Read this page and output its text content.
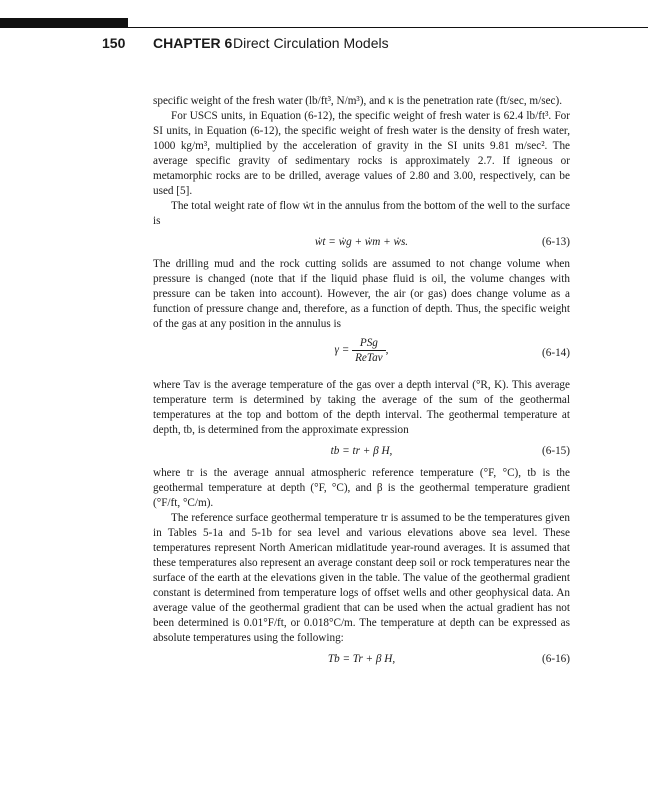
150 CHAPTER 6 Direct Circulation Models

specific weight of the fresh water (lb/ft³, N/m³), and κ is the penetration rate (ft/sec, m/sec).

For USCS units, in Equation (6-12), the specific weight of fresh water is 62.4 lb/ft³. For SI units, in Equation (6-12), the specific weight of fresh water is the density of fresh water, 1000 kg/m³, multiplied by the acceleration of gravity in the SI units 9.81 m/sec². The average specific gravity of sedimentary rocks is approximately 2.7. If igneous or metamorphic rocks are to be drilled, average values of 2.80 and 3.00, respectively, can be used [5].

The total weight rate of flow ẇt in the annulus from the bottom of the well to the surface is

ẇt = ẇg + ẇm + ẇs.	(6-13)

The drilling mud and the rock cutting solids are assumed to not change volume when pressure is changed (note that if the liquid phase fluid is oil, the volume changes with pressure can be taken into account). However, the air (or gas) does change volume as a function of pressure change and, therefore, as a function of depth. Thus, the specific weight of the gas at any position in the annulus is

$\gamma = \frac{\text{PSg}}{\text{ReTav}}$ ,	(6-14)

where Tav is the average temperature of the gas over a depth interval (°R, K). This average temperature term is determined by taking the average of the sum of the geothermal temperatures at the top and bottom of the depth interval. The geothermal temperature at depth, tb, is determined from the approximate expression

tb = tr + β H,	(6-15)

where tr is the average annual atmospheric reference temperature (°F, °C), tb is the geothermal temperature at depth (°F, °C), and β is the geothermal temperature gradient (°F/ft, °C/m).

The reference surface geothermal temperature tr is assumed to be the temperatures given in Tables 5-1a and 5-1b for sea level and various elevations above sea level. These temperatures represent North American midlatitude year-round averages. It is assumed that these temperatures also represent an average constant deep soil or rock temperatures near the surface of the earth at the elevations given in the table. The value of the geothermal gradient constant is determined from temperature logs of offset wells and other geophysical data. An average value of the geothermal gradient that can be used when the actual gradient has not been determined is 0.01°F/ft, or 0.018°C/m. The temperature at depth can be expressed as absolute temperatures using the following:

Tb = Tr + β H,	(6-16)
